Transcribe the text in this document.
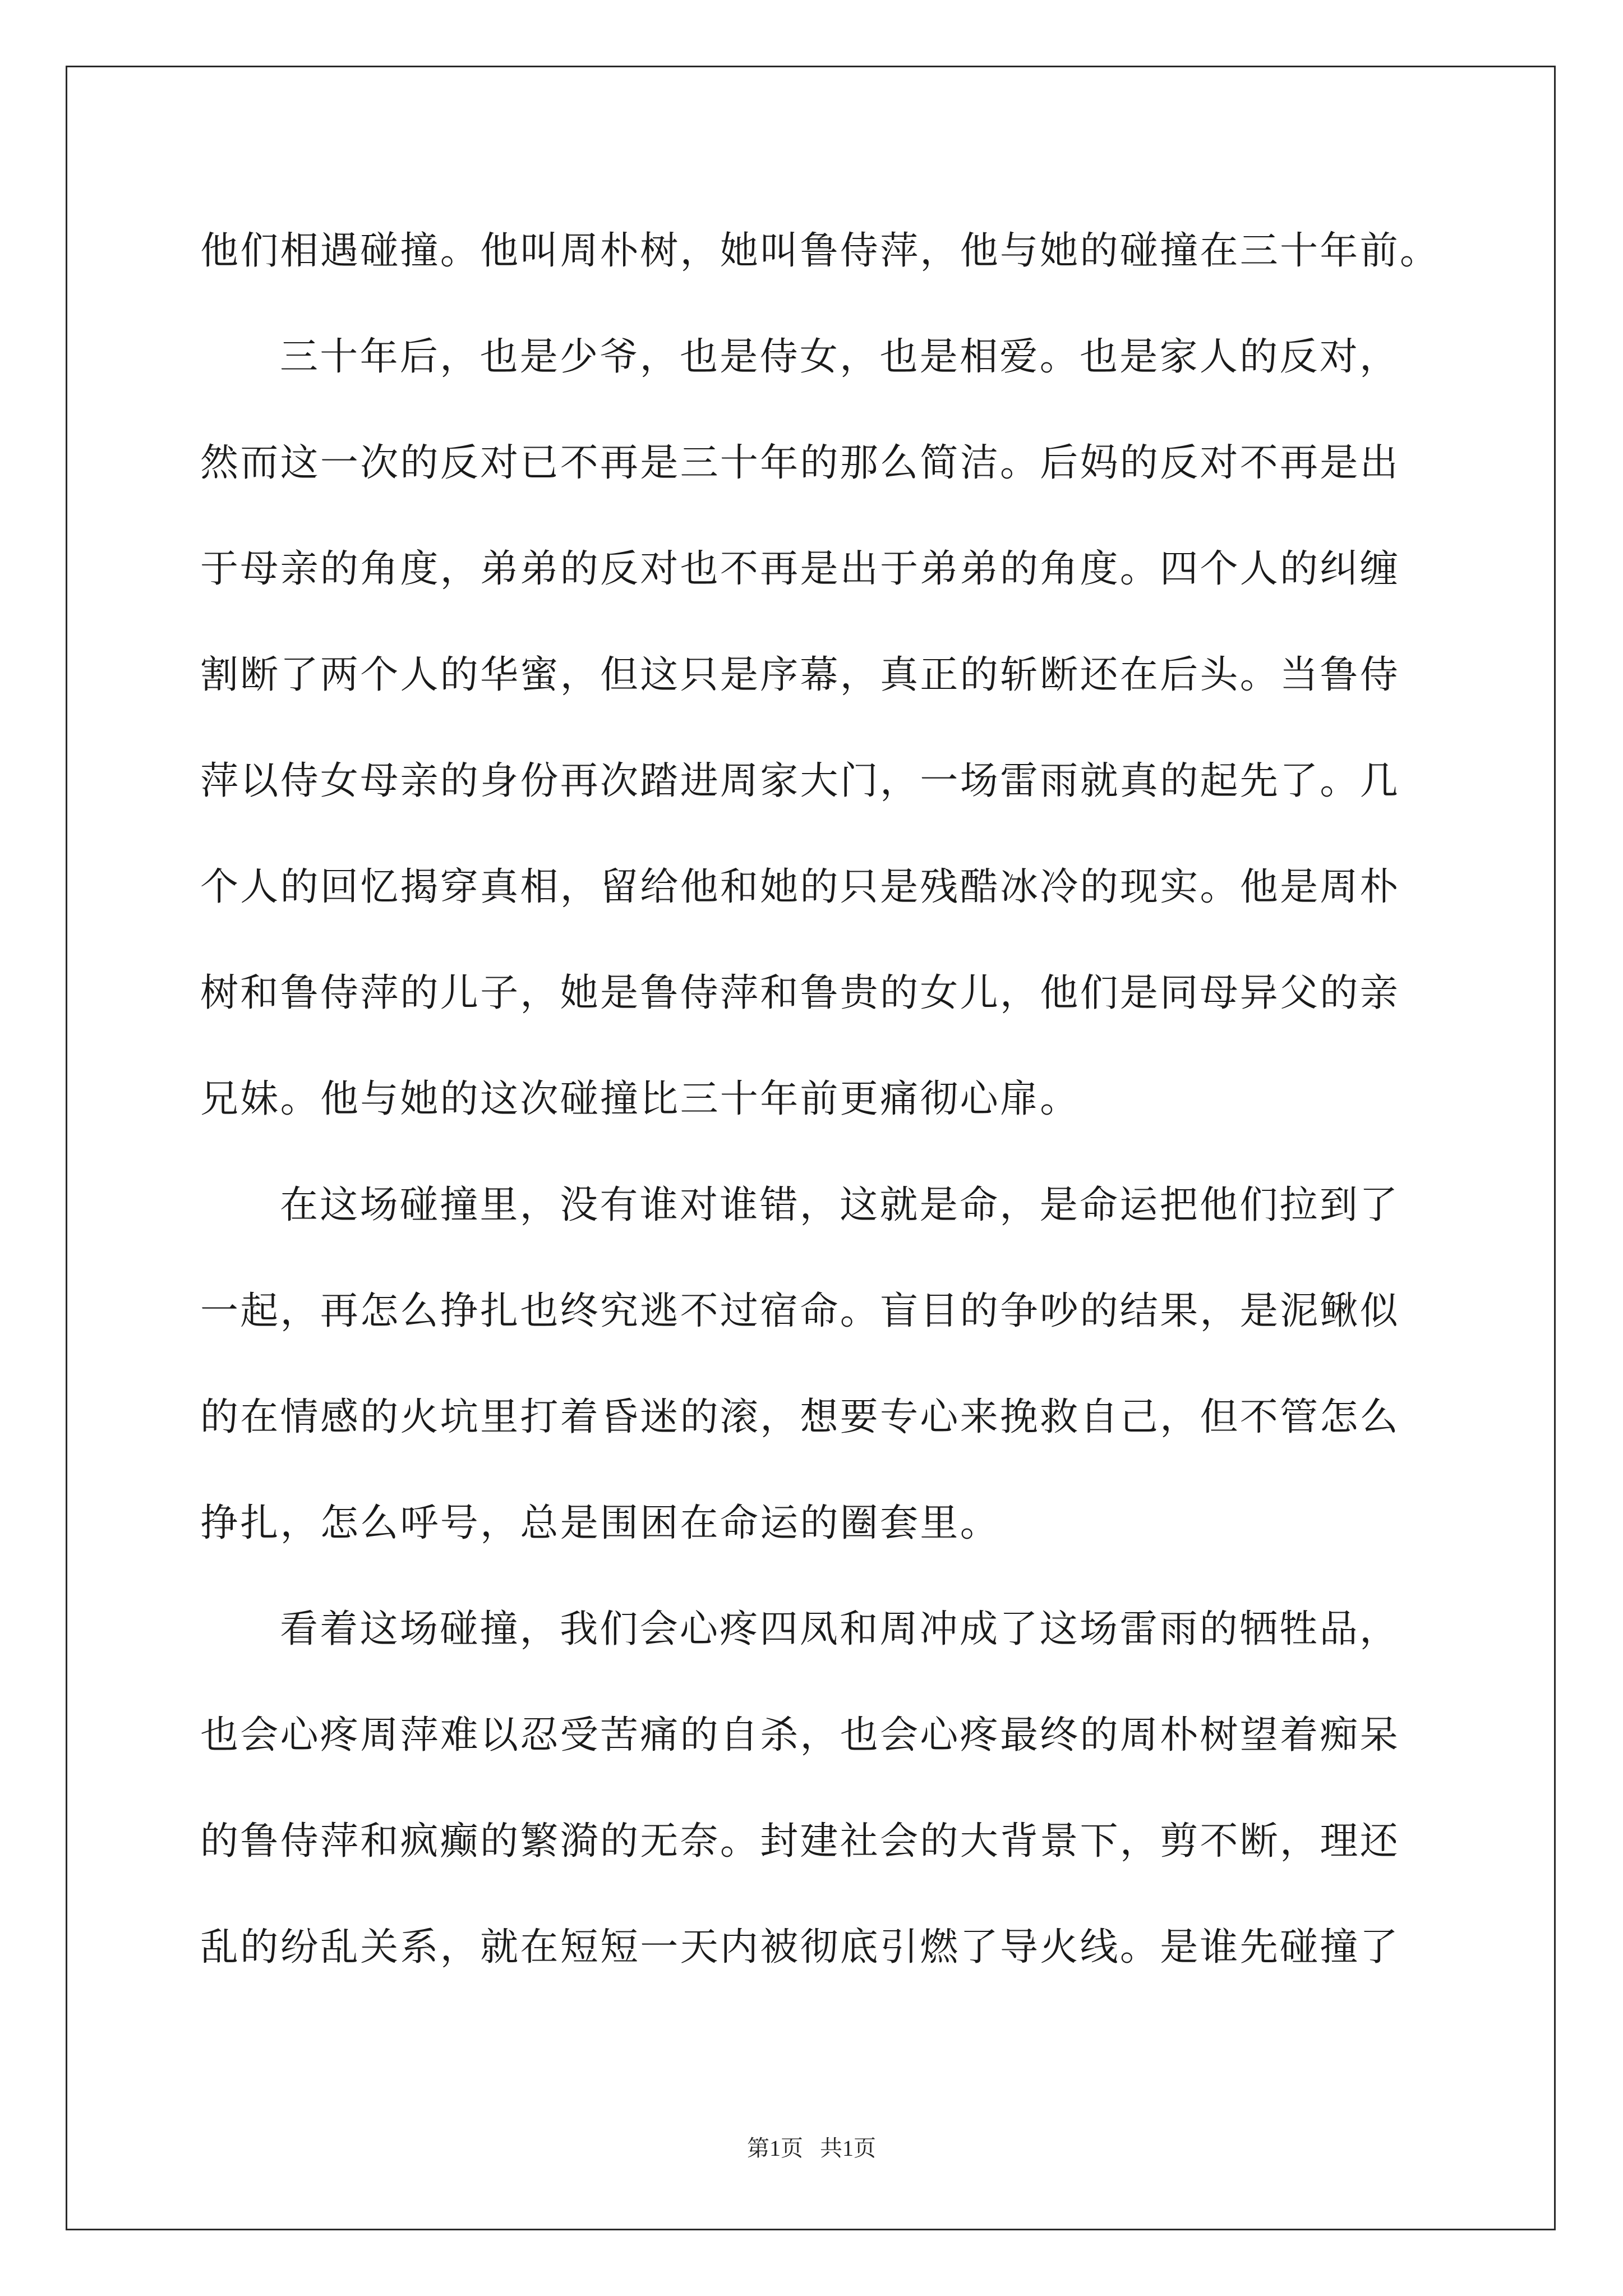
他们相遇碰撞。他叫周朴树，她叫鲁侍萍，他与她的碰撞在三十年前。
三十年后，也是少爷，也是侍女，也是相爱。也是家人的反对，
然而这一次的反对已不再是三十年的那么简洁。后妈的反对不再是出
于母亲的角度，弟弟的反对也不再是出于弟弟的角度。四个人的纠缠
割断了两个人的华蜜，但这只是序幕，真正的斩断还在后头。当鲁侍
萍以侍女母亲的身份再次踏进周家大门，一场雷雨就真的起先了。几
个人的回忆揭穿真相，留给他和她的只是残酷冰冷的现实。他是周朴
树和鲁侍萍的儿子，她是鲁侍萍和鲁贵的女儿，他们是同母异父的亲
兄妹。他与她的这次碰撞比三十年前更痛彻心扉。
在这场碰撞里，没有谁对谁错，这就是命，是命运把他们拉到了
一起，再怎么挣扎也终究逃不过宿命。盲目的争吵的结果，是泥鳅似
的在情感的火坑里打着昏迷的滚，想要专心来挽救自己，但不管怎么
挣扎，怎么呼号，总是围困在命运的圈套里。
看着这场碰撞，我们会心疼四凤和周冲成了这场雷雨的牺牲品，
也会心疼周萍难以忍受苦痛的自杀，也会心疼最终的周朴树望着痴呆
的鲁侍萍和疯癫的繁漪的无奈。封建社会的大背景下，剪不断，理还
乱的纷乱关系，就在短短一天内被彻底引燃了导火线。是谁先碰撞了
第1页 共1页
